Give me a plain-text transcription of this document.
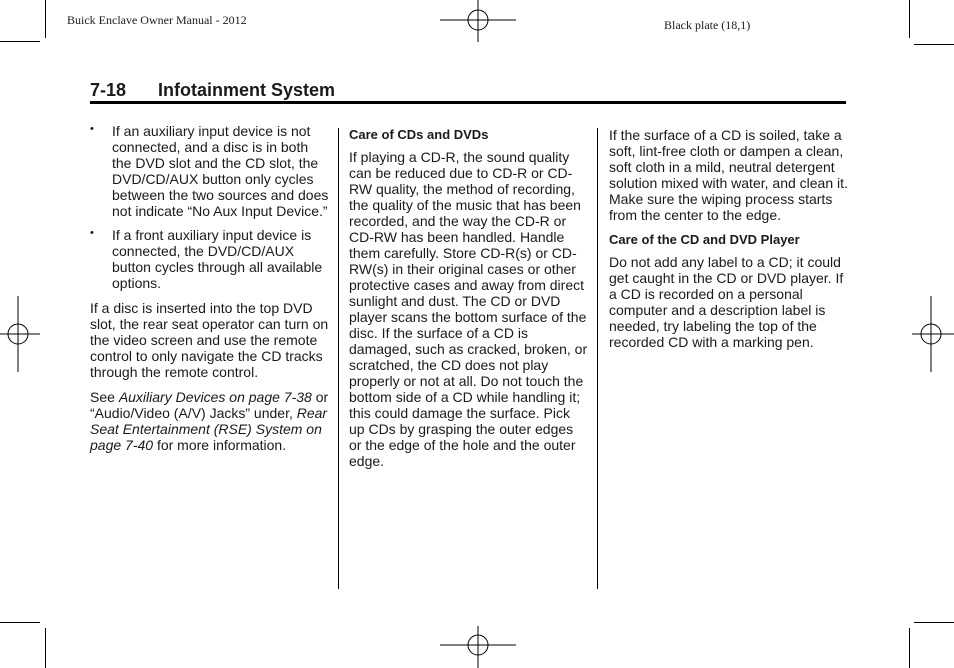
Buick Enclave Owner Manual - 2012	Black plate (18,1)
7-18 Infotainment System
• If an auxiliary input device is not connected, and a disc is in both the DVD slot and the CD slot, the DVD/CD/AUX button only cycles between the two sources and does not indicate “No Aux Input Device.”
• If a front auxiliary input device is connected, the DVD/CD/AUX button cycles through all available options.

If a disc is inserted into the top DVD slot, the rear seat operator can turn on the video screen and use the remote control to only navigate the CD tracks through the remote control.

See Auxiliary Devices on page 7-38 or “Audio/Video (A/V) Jacks” under, Rear Seat Entertainment (RSE) System on page 7-40 for more information.

Care of CDs and DVDs

If playing a CD-R, the sound quality can be reduced due to CD-R or CD-RW quality, the method of recording, the quality of the music that has been recorded, and the way the CD-R or CD-RW has been handled. Handle them carefully. Store CD-R(s) or CD-RW(s) in their original cases or other protective cases and away from direct sunlight and dust. The CD or DVD player scans the bottom surface of the disc. If the surface of a CD is damaged, such as cracked, broken, or scratched, the CD does not play properly or not at all. Do not touch the bottom side of a CD while handling it; this could damage the surface. Pick up CDs by grasping the outer edges or the edge of the hole and the outer edge.

If the surface of a CD is soiled, take a soft, lint-free cloth or dampen a clean, soft cloth in a mild, neutral detergent solution mixed with water, and clean it. Make sure the wiping process starts from the center to the edge.

Care of the CD and DVD Player

Do not add any label to a CD; it could get caught in the CD or DVD player. If a CD is recorded on a personal computer and a description label is needed, try labeling the top of the recorded CD with a marking pen.
